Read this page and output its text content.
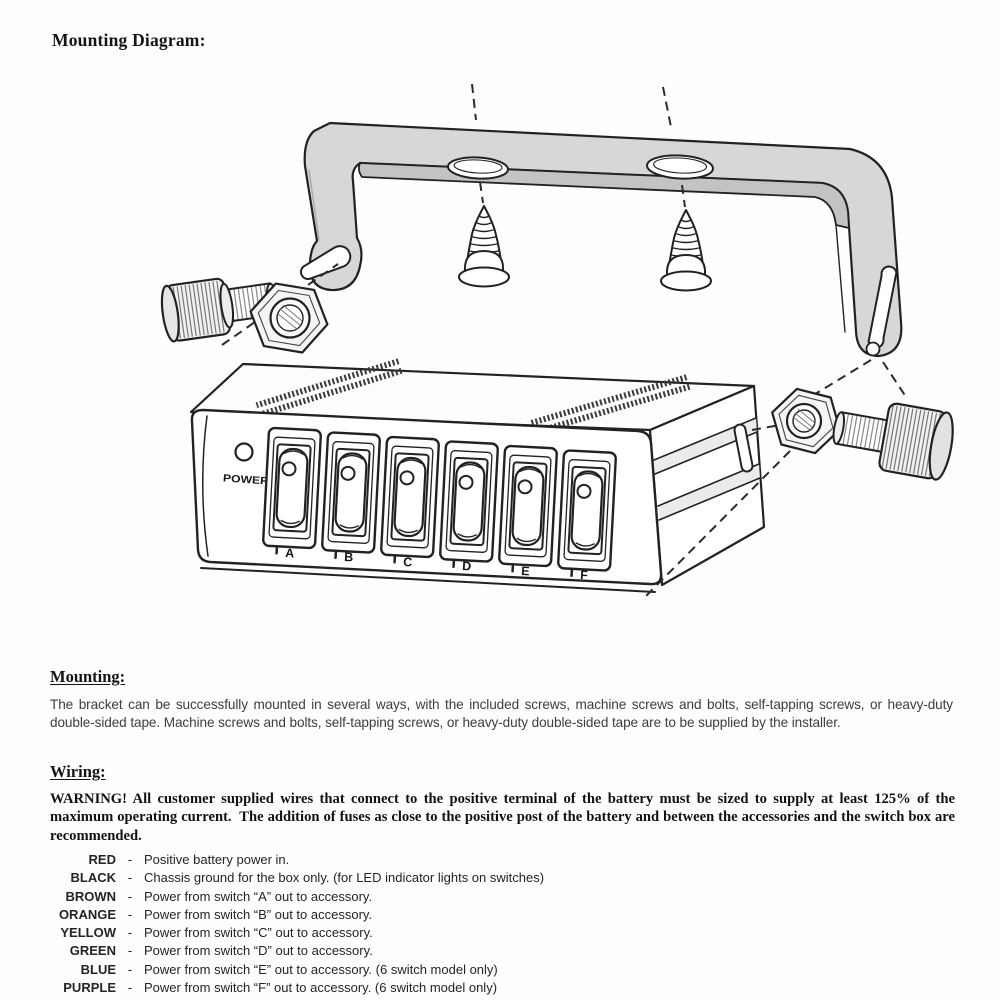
POWER
A	B	C	D	E	F
Mounting Diagram:
Mounting:

The bracket can be successfully mounted in several ways, with the included screws, machine screws and bolts, self-tapping screws, or heavy-duty double-sided tape. Machine screws and bolts, self-tapping screws, or heavy-duty double-sided tape are to be supplied by the installer.

Wiring:

WARNING! All customer supplied wires that connect to the positive terminal of the battery must be sized to supply at least 125% of the maximum operating current.  The addition of fuses as close to the positive post of the battery and between the accessories and the switch box are recommended.

RED - Positive battery power in.
BLACK - Chassis ground for the box only. (for LED indicator lights on switches)
BROWN - Power from switch “A” out to accessory.
ORANGE - Power from switch “B” out to accessory.
YELLOW - Power from switch “C” out to accessory.
GREEN - Power from switch “D” out to accessory.
BLUE - Power from switch “E” out to accessory. (6 switch model only)
PURPLE - Power from switch “F” out to accessory. (6 switch model only)
